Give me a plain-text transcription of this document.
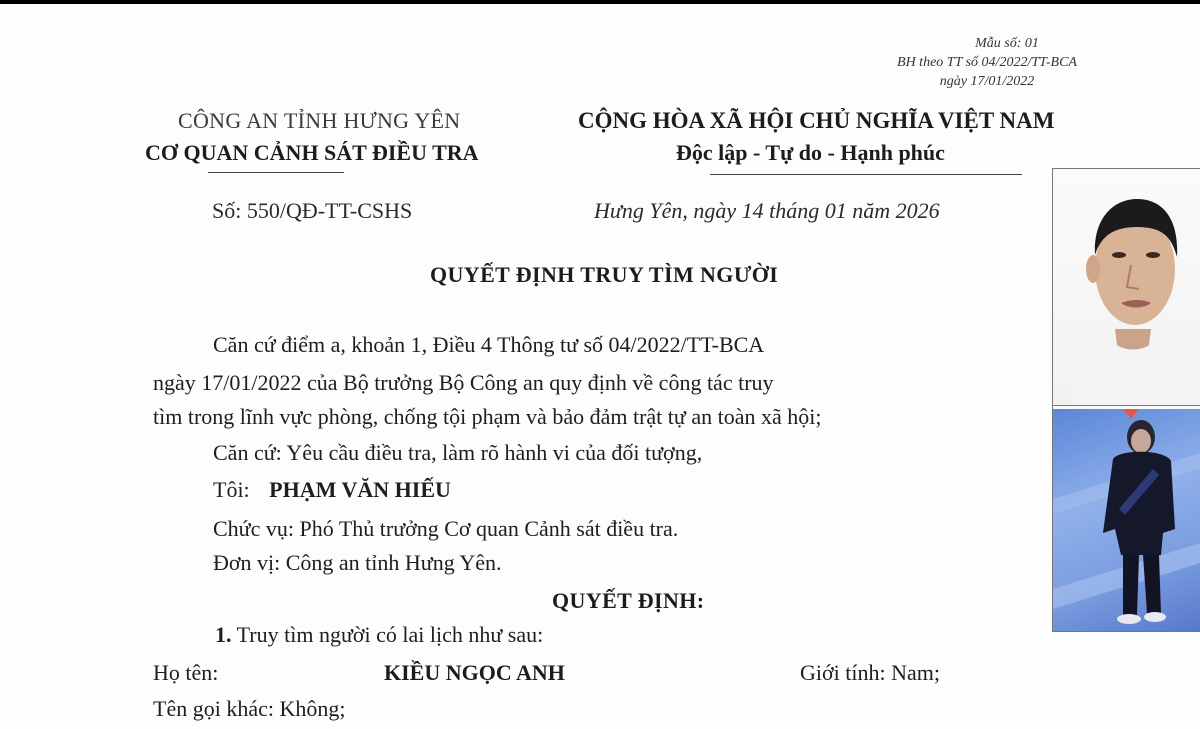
Mẫu số: 01
BH theo TT số 04/2022/TT-BCA
ngày 17/01/2022
CÔNG AN TỈNH HƯNG YÊN
CƠ QUAN CẢNH SÁT ĐIỀU TRA
CỘNG HÒA XÃ HỘI CHỦ NGHĨA VIỆT NAM
Độc lập - Tự do - Hạnh phúc
Số: 550/QĐ-TT-CSHS	Hưng Yên, ngày 14 tháng 01 năm 2026
QUYẾT ĐỊNH TRUY TÌM NGƯỜI
Căn cứ điểm a, khoản 1, Điều 4 Thông tư số 04/2022/TT-BCA
ngày 17/01/2022 của Bộ trưởng Bộ Công an quy định về công tác truy
tìm trong lĩnh vực phòng, chống tội phạm và bảo đảm trật tự an toàn xã hội;
Căn cứ: Yêu cầu điều tra, làm rõ hành vi của đối tượng,
Tôi: PHẠM VĂN HIẾU
Chức vụ: Phó Thủ trưởng Cơ quan Cảnh sát điều tra.
Đơn vị: Công an tỉnh Hưng Yên.
QUYẾT ĐỊNH:
1. Truy tìm người có lai lịch như sau:
Họ tên:	KIỀU NGỌC ANH	Giới tính: Nam;
Tên gọi khác: Không;
